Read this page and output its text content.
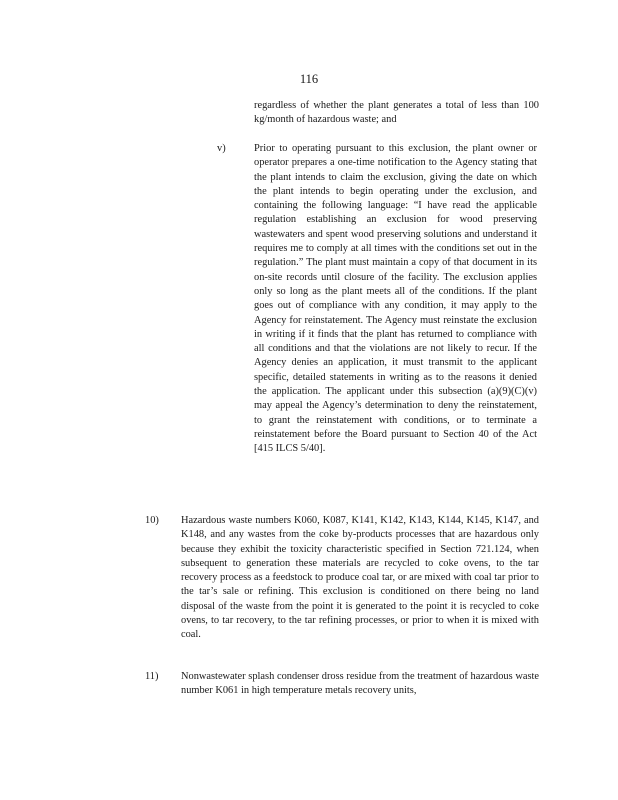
116

regardless of whether the plant generates a total of less than 100 kg/month of hazardous waste; and

v)	Prior to operating pursuant to this exclusion, the plant owner or operator prepares a one-time notification to the Agency stating that the plant intends to claim the exclusion, giving the date on which the plant intends to begin operating under the exclusion, and containing the following language: “I have read the applicable regulation establishing an exclusion for wood preserving wastewaters and spent wood preserving solutions and understand it requires me to comply at all times with the conditions set out in the regulation.” The plant must maintain a copy of that document in its on-site records until closure of the facility. The exclusion applies only so long as the plant meets all of the conditions. If the plant goes out of compliance with any condition, it may apply to the Agency for reinstatement. The Agency must reinstate the exclusion in writing if it finds that the plant has returned to compliance with all conditions and that the violations are not likely to recur. If the Agency denies an application, it must transmit to the applicant specific, detailed statements in writing as to the reasons it denied the application. The applicant under this subsection (a)(9)(C)(v) may appeal the Agency’s determination to deny the reinstatement, to grant the reinstatement with conditions, or to terminate a reinstatement before the Board pursuant to Section 40 of the Act [415 ILCS 5/40].

10) Hazardous waste numbers K060, K087, K141, K142, K143, K144, K145, K147, and K148, and any wastes from the coke by-products processes that are hazardous only because they exhibit the toxicity characteristic specified in Section 721.124, when subsequent to generation these materials are recycled to coke ovens, to the tar recovery process as a feedstock to produce coal tar, or are mixed with coal tar prior to the tar’s sale or refining. This exclusion is conditioned on there being no land disposal of the waste from the point it is generated to the point it is recycled to coke ovens, to tar recovery, to the tar refining processes, or prior to when it is mixed with coal.

11) Nonwastewater splash condenser dross residue from the treatment of hazardous waste number K061 in high temperature metals recovery units,
